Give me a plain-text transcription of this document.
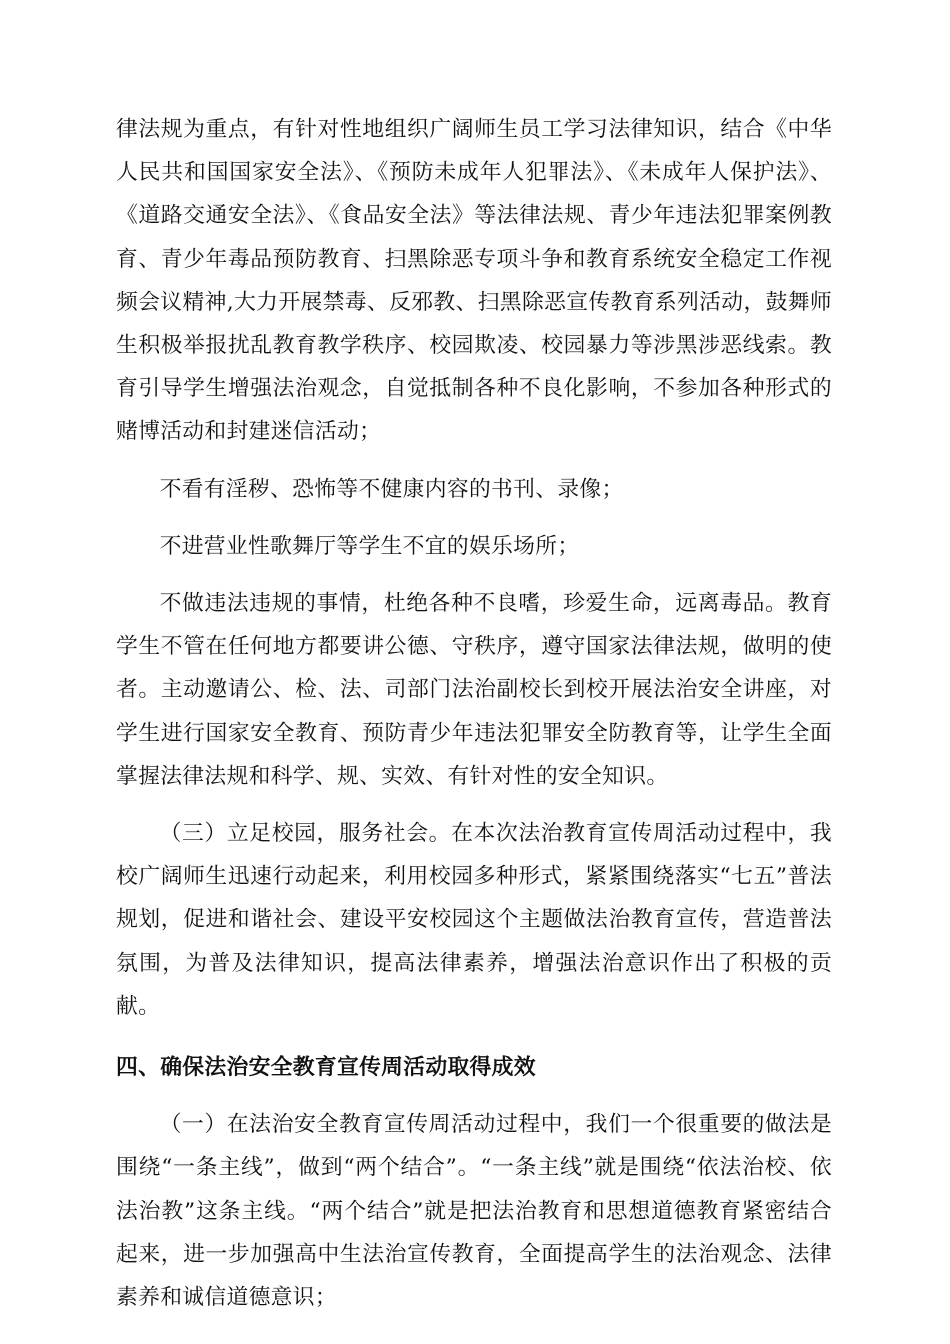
律法规为重点，有针对性地组织广阔师生员工学习法律知识，结合《中华人民共和国国家安全法》、《预防未成年人犯罪法》、《未成年人保护法》、《道路交通安全法》、《食品安全法》等法律法规、青少年违法犯罪案例教育、青少年毒品预防教育、扫黑除恶专项斗争和教育系统安全稳定工作视频会议精神,大力开展禁毒、反邪教、扫黑除恶宣传教育系列活动，鼓舞师生积极举报扰乱教育教学秩序、校园欺凌、校园暴力等涉黑涉恶线索。教育引导学生增强法治观念，自觉抵制各种不良化影响，不参加各种形式的赌博活动和封建迷信活动；

不看有淫秽、恐怖等不健康内容的书刊、录像；

不进营业性歌舞厅等学生不宜的娱乐场所；

不做违法违规的事情，杜绝各种不良嗜，珍爱生命，远离毒品。教育学生不管在任何地方都要讲公德、守秩序，遵守国家法律法规，做明的使者。主动邀请公、检、法、司部门法治副校长到校开展法治安全讲座，对学生进行国家安全教育、预防青少年违法犯罪安全防教育等，让学生全面掌握法律法规和科学、规、实效、有针对性的安全知识。

（三）立足校园，服务社会。在本次法治教育宣传周活动过程中，我校广阔师生迅速行动起来，利用校园多种形式，紧紧围绕落实“七五”普法规划，促进和谐社会、建设平安校园这个主题做法治教育宣传，营造普法氛围，为普及法律知识，提高法律素养，增强法治意识作出了积极的贡献。

四、确保法治安全教育宣传周活动取得成效

（一）在法治安全教育宣传周活动过程中，我们一个很重要的做法是围绕“一条主线”，做到“两个结合”。“一条主线”就是围绕“依法治校、依法治教”这条主线。“两个结合”就是把法治教育和思想道德教育紧密结合起来，进一步加强高中生法治宣传教育，全面提高学生的法治观念、法律素养和诚信道德意识；
